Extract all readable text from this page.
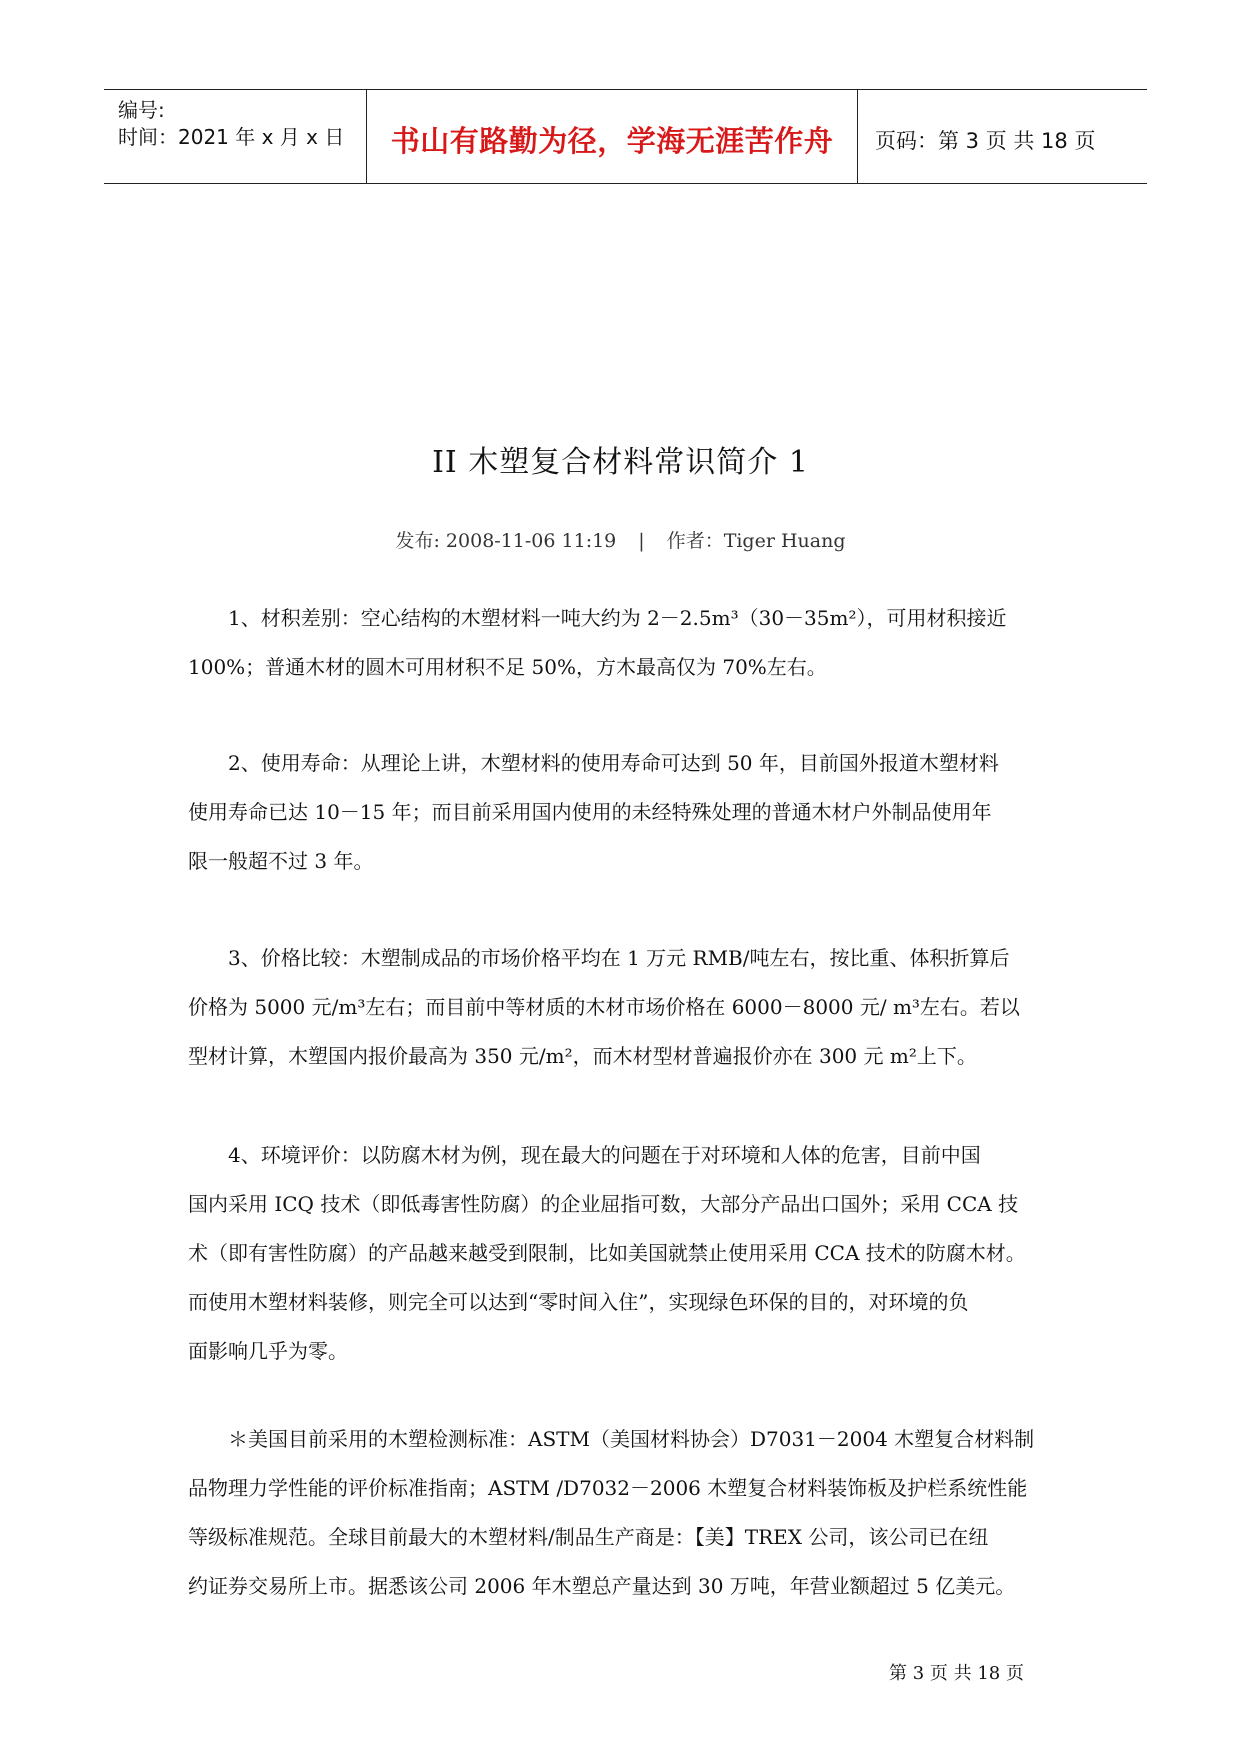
编号:
时间：2021 年 x 月 x 日	书山有路勤为径，学海无涯苦作舟	页码：第 3 页 共 18 页
II 木塑复合材料常识简介 1
发布: 2008-11-06 11:19 | 作者：Tiger Huang
　　1、材积差别：空心结构的木塑材料一吨大约为 2－2.5m³（30－35m²），可用材积接近
100%；普通木材的圆木可用材积不足 50%，方木最高仅为 70%左右。
　　2、使用寿命：从理论上讲，木塑材料的使用寿命可达到 50 年，目前国外报道木塑材料
使用寿命已达 10－15 年；而目前采用国内使用的未经特殊处理的普通木材户外制品使用年
限一般超不过 3 年。
　　3、价格比较：木塑制成品的市场价格平均在 1 万元 RMB/吨左右，按比重、体积折算后
价格为 5000 元/m³左右；而目前中等材质的木材市场价格在 6000－8000 元/ m³左右。若以
型材计算，木塑国内报价最高为 350 元/m²，而木材型材普遍报价亦在 300 元 m²上下。
　　4、环境评价：以防腐木材为例，现在最大的问题在于对环境和人体的危害，目前中国
国内采用 ICQ 技术（即低毒害性防腐）的企业屈指可数，大部分产品出口国外；采用 CCA 技
术（即有害性防腐）的产品越来越受到限制，比如美国就禁止使用采用 CCA 技术的防腐木材。
而使用木塑材料装修，则完全可以达到“零时间入住”，实现绿色环保的目的，对环境的负
面影响几乎为零。
　　＊美国目前采用的木塑检测标准：ASTM（美国材料协会）D7031－2004 木塑复合材料制
品物理力学性能的评价标准指南；ASTM /D7032－2006 木塑复合材料装饰板及护栏系统性能
等级标准规范。全球目前最大的木塑材料/制品生产商是：【美】TREX 公司，该公司已在纽
约证券交易所上市。据悉该公司 2006 年木塑总产量达到 30 万吨，年营业额超过 5 亿美元。
第 3 页 共 18 页
